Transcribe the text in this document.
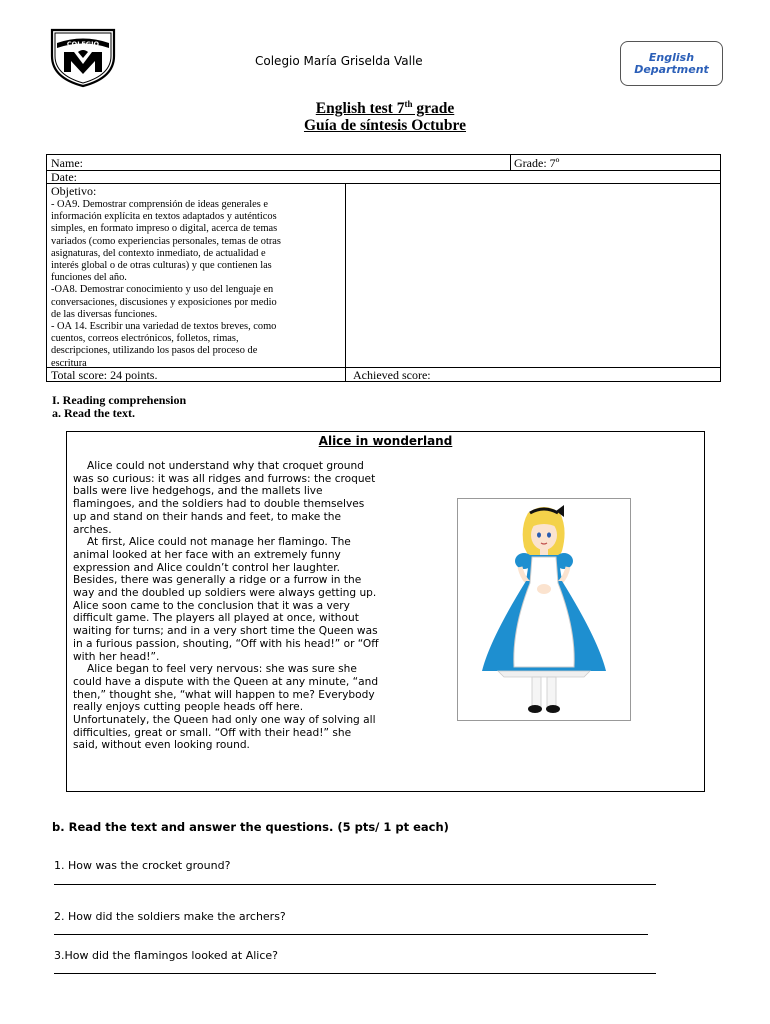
COLEGIO
Colegio María Griselda Valle	English
Department
English test 7th grade
Guía de síntesis Octubre
Name:	Grade: 7º
Date:
Objetivo:
- OA9. Demostrar comprensión de ideas generales e
información explícita en textos adaptados y auténticos
simples, en formato impreso o digital, acerca de temas
variados (como experiencias personales, temas de otras
asignaturas, del contexto inmediato, de actualidad e
interés global o de otras culturas) y que contienen las
funciones del año.
-OA8. Demostrar conocimiento y uso del lenguaje en
conversaciones, discusiones y exposiciones por medio
de las diversas funciones.
- OA 14. Escribir una variedad de textos breves, como
cuentos, correos electrónicos, folletos, rimas,
descripciones, utilizando los pasos del proceso de
escritura
Total score: 24 points.	Achieved score:
I. Reading comprehension
a. Read the text.
Alice in wonderland

Alice could not understand why that croquet ground was so curious: it was all ridges and furrows: the croquet balls were live hedgehogs, and the mallets live flamingoes, and the soldiers had to double themselves up and stand on their hands and feet, to make the arches.

At first, Alice could not manage her flamingo. The animal looked at her face with an extremely funny expression and Alice couldn’t control her laughter. Besides, there was generally a ridge or a furrow in the way and the doubled up soldiers were always getting up. Alice soon came to the conclusion that it was a very difficult game. The players all played at once, without waiting for turns; and in a very short time the Queen was in a furious passion, shouting, “Off with his head!” or “Off with her head!”.

Alice began to feel very nervous: she was sure she could have a dispute with the Queen at any minute, “and then,” thought she, “what will happen to me? Everybody really enjoys cutting people heads off here. Unfortunately, the Queen had only one way of solving all difficulties, great or small. “Off with their head!” she said, without even looking round.

b. Read the text and answer the questions. (5 pts/ 1 pt each)
1. How was the crocket ground?
2. How did the soldiers make the archers?
3.How did the flamingos looked at Alice?
